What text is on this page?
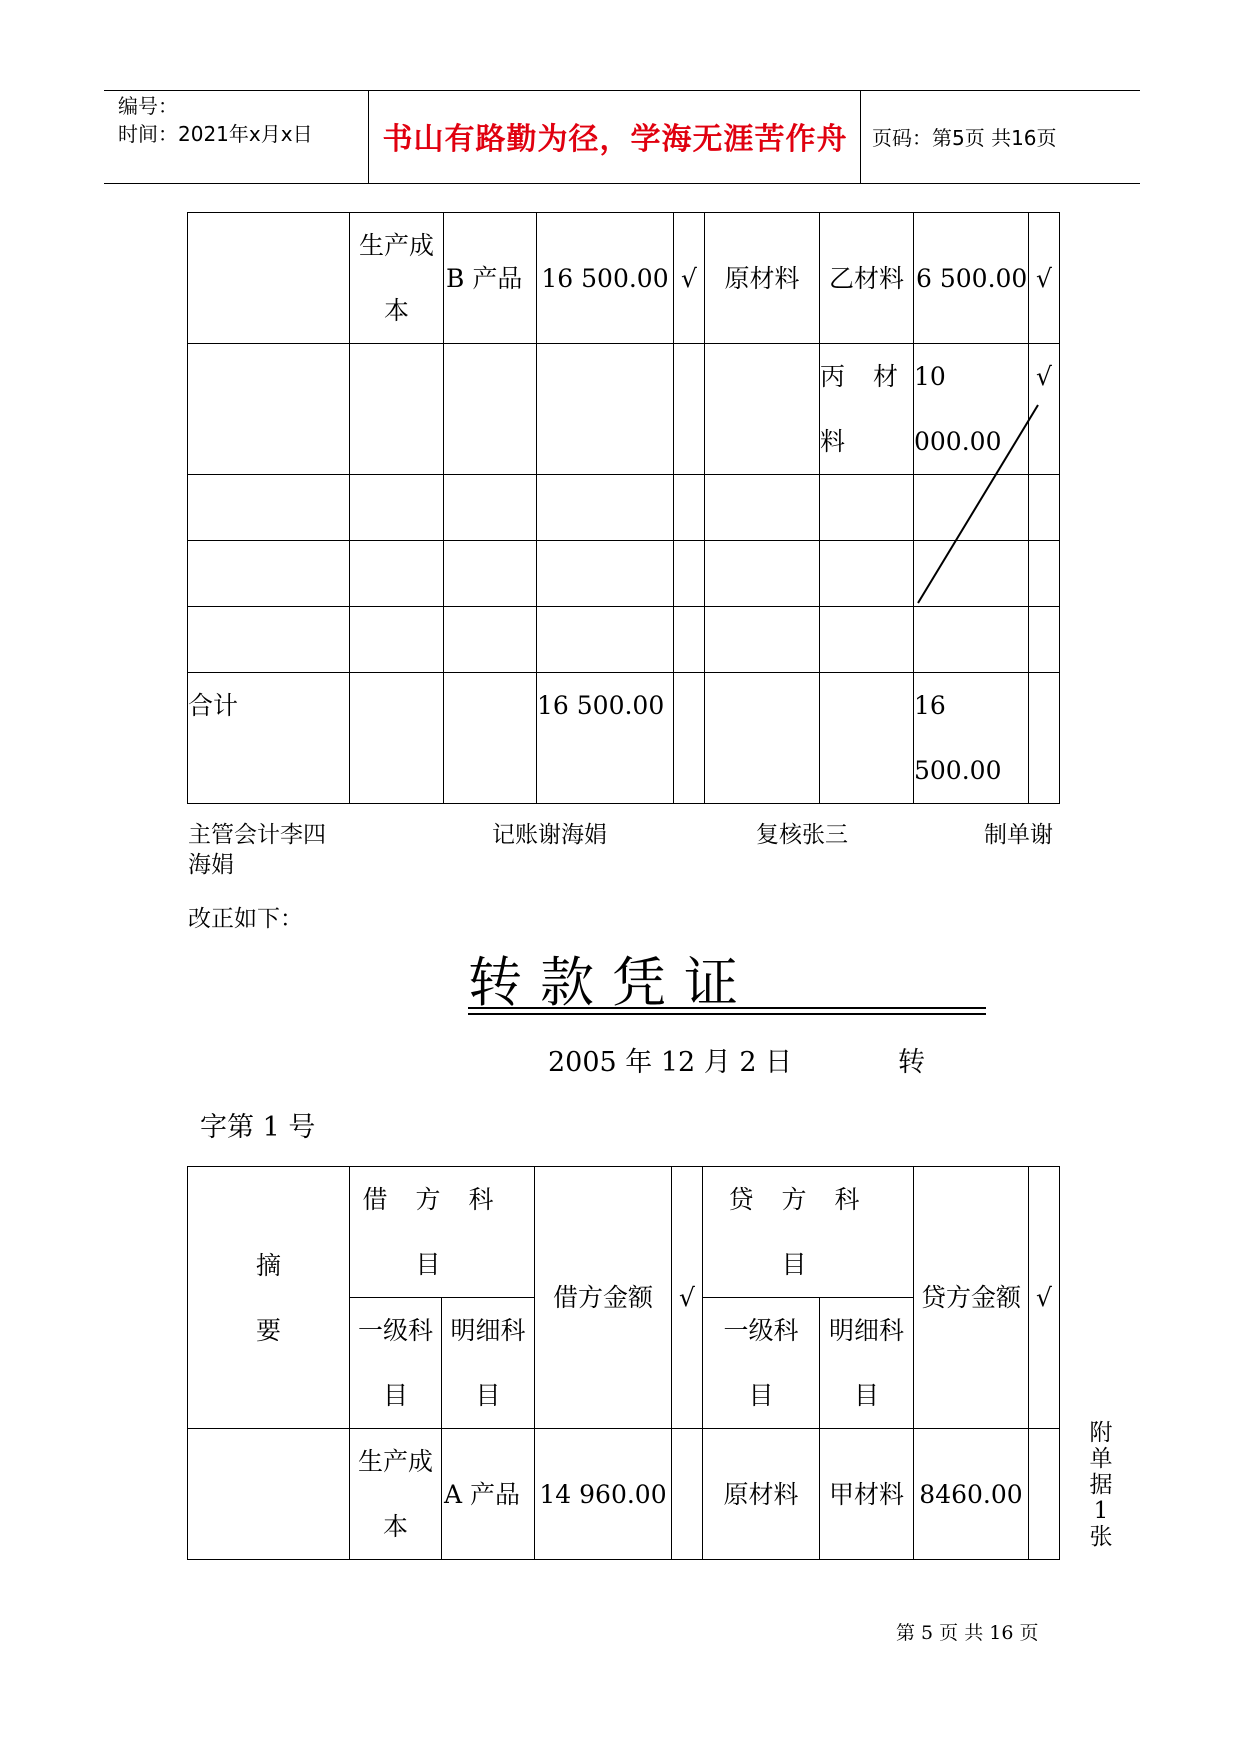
编号：
时间：2021年x月x日	书山有路勤为径，学海无涯苦作舟	页码：第5页 共16页
	生产成本	B 产品	16 500.00	√	原材料	乙材料	6 500.00	√
						丙 材料	10 000.00	√

合计			16 500.00				16 500.00	
主管会计李四海娟
记账谢海娟	复核张三	制单谢
改正如下：
转款凭证
2005 年 12 月 2 日	转
字第 1 号
摘要	借方科目		借方金额	√	贷方科目		贷方金额	√

	一级科目	明细科目			一级科目	明细科目		

	生产成本	A 产品	14 960.00		原材料	甲材料	8460.00	
附单据 1 张
第 5 页 共 16 页
